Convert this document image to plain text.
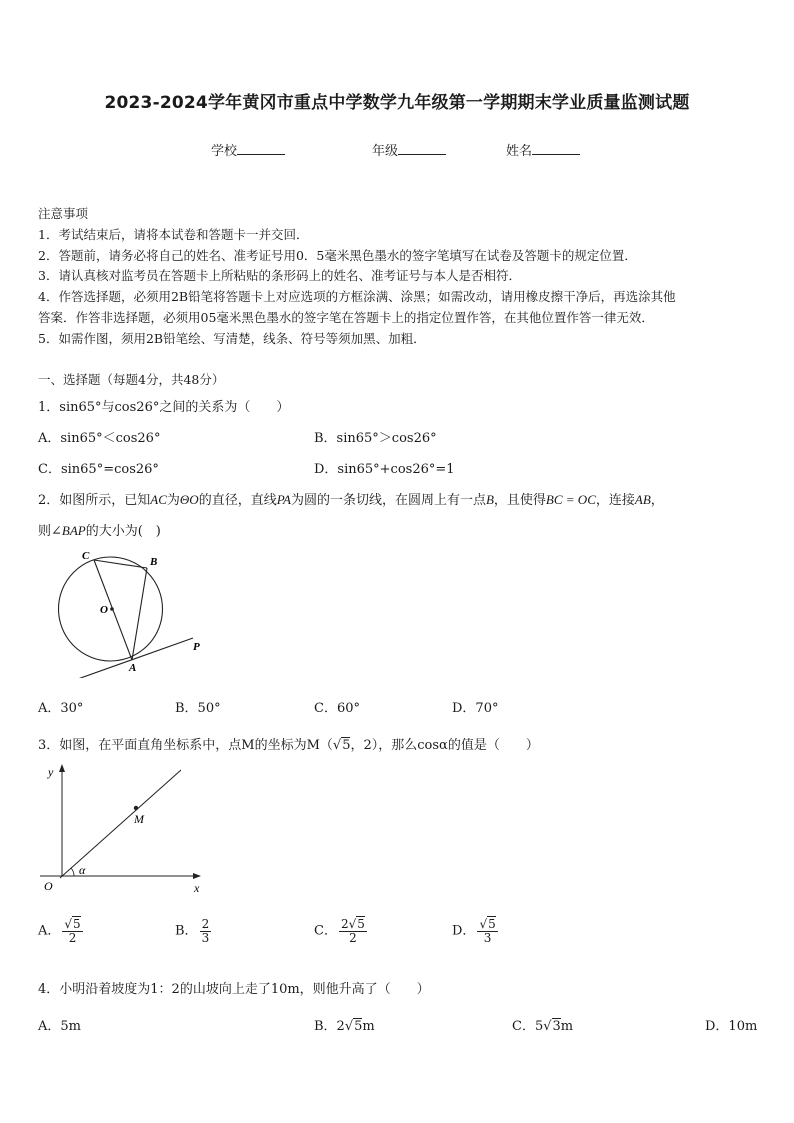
2023-2024学年黄冈市重点中学数学九年级第一学期期末学业质量监测试题
学校	年级	姓名
注意事项
1．考试结束后，请将本试卷和答题卡一并交回．
2．答题前，请务必将自己的姓名、准考证号用0．5毫米黑色墨水的签字笔填写在试卷及答题卡的规定位置．
3．请认真核对监考员在答题卡上所粘贴的条形码上的姓名、准考证号与本人是否相符．
4．作答选择题，必须用2B铅笔将答题卡上对应选项的方框涂满、涂黑；如需改动，请用橡皮擦干净后，再选涂其他
答案．作答非选择题，必须用05毫米黑色墨水的签字笔在答题卡上的指定位置作答，在其他位置作答一律无效．
5．如需作图，须用2B铅笔绘、写清楚，线条、符号等须加黑、加粗．
一、选择题（每题4分，共48分）
1．sin65°与cos26°之间的关系为（　　）
A．sin65°＜cos26°	B．sin65°＞cos26°
C．sin65°=cos26°	D．sin65°+cos26°=1
2．如图所示，已知AC为ΘO的直径，直线PA为圆的一条切线，在圆周上有一点B，且使得BC = OC，连接AB，
则∠BAP的大小为(　)
C	B
O
A
P
A．30°	B．50°	C．60°	D．70°
3．如图，在平面直角坐标系中，点M的坐标为M（√5，2），那么cosα的值是（　　）
y
x
O
M
α
A． $\frac{√5}{2}$	B． $\frac{2}{3}$	C． $\frac{2√5}{2}$	D． $\frac{√5}{3}$
4．小明沿着坡度为1：2的山坡向上走了10m，则他升高了（　　）
A．5m	B．2√5m	C．5√3m	D．10m
